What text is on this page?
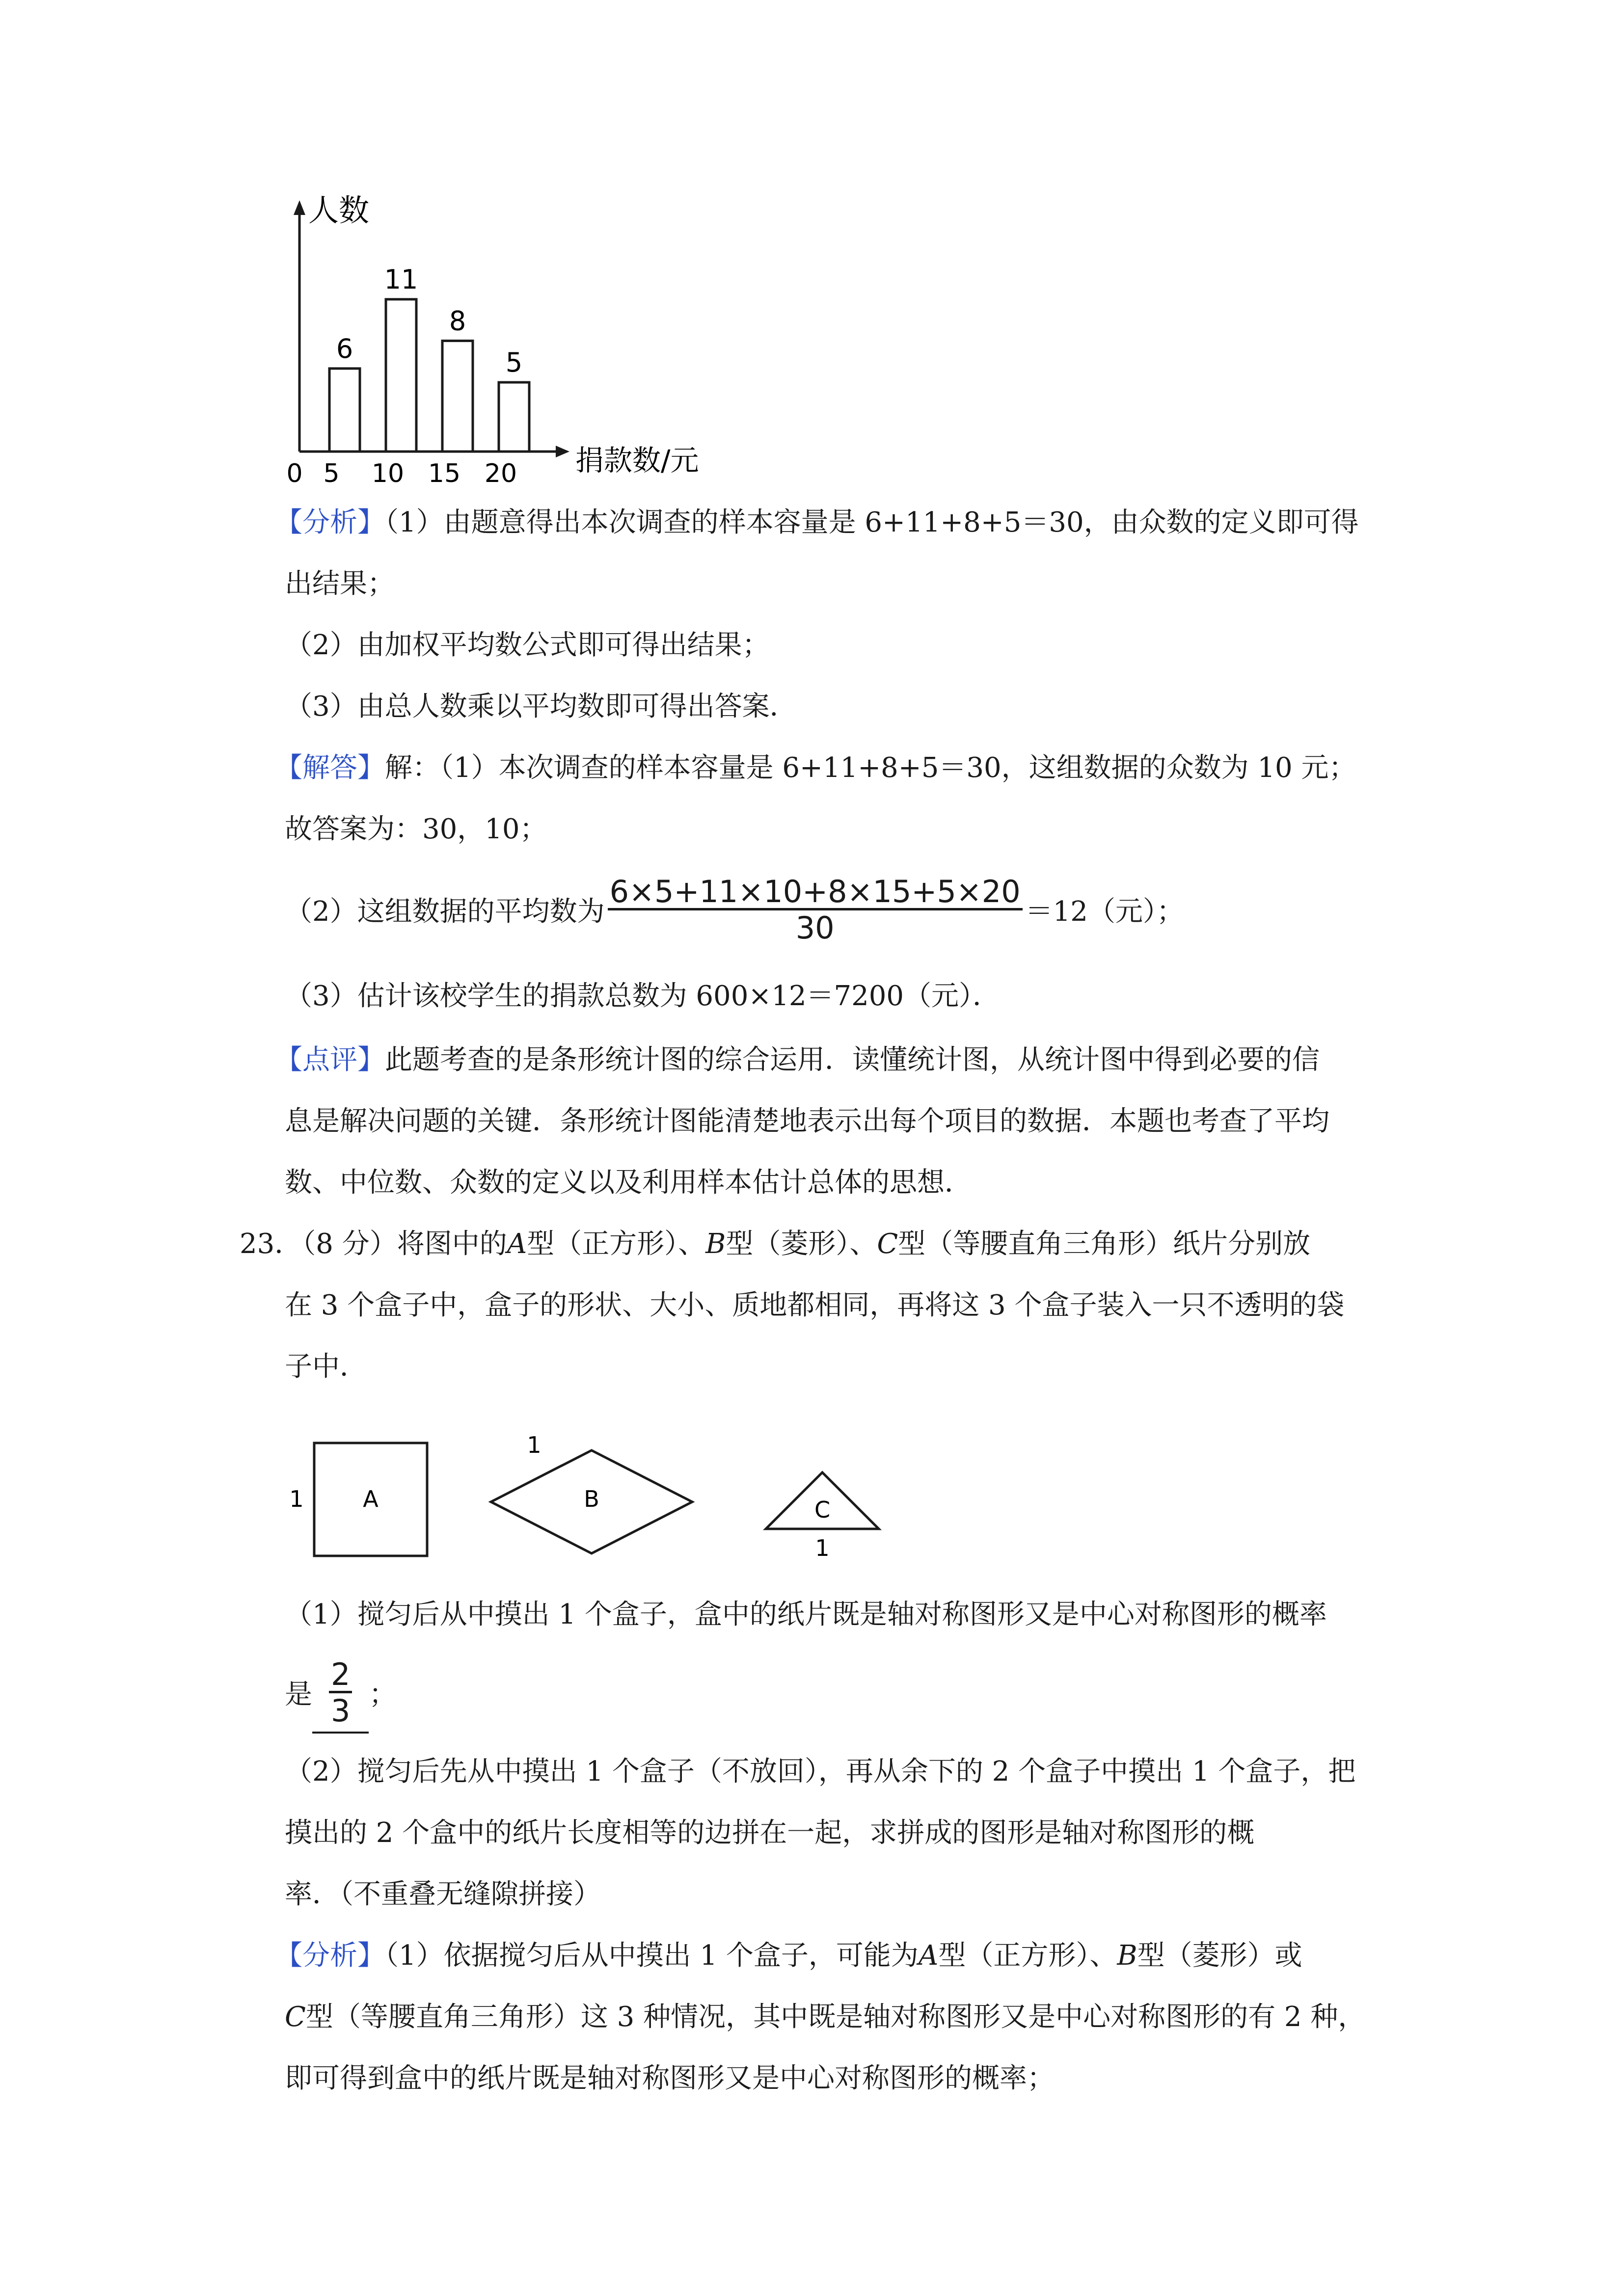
人数
捐款数/元
0
6
5
11
10
8
15
5
20
【分析】（1）由题意得出本次调查的样本容量是 6+11+8+5＝30，由众数的定义即可得
出结果；
（2）由加权平均数公式即可得出结果；
（3）由总人数乘以平均数即可得出答案．
【解答】解：（1）本次调查的样本容量是 6+11+8+5＝30，这组数据的众数为 10 元；
故答案为：30，10；
（2）这组数据的平均数为 $\frac{6\times 5+11\times 10+8\times 15+5\times 20}{30} =12$（元）；
（3）估计该校学生的捐款总数为 600×12＝7200（元）．
【点评】此题考查的是条形统计图的综合运用．读懂统计图，从统计图中得到必要的信
息是解决问题的关键．条形统计图能清楚地表示出每个项目的数据．本题也考查了平均
数、中位数、众数的定义以及利用样本估计总体的思想．
23．（8 分）将图中的A型（正方形）、B型（菱形）、C型（等腰直角三角形）纸片分别放
在 3 个盒子中，盒子的形状、大小、质地都相同，再将这 3 个盒子装入一只不透明的袋
子中．
A
1	B
1
C
1
（1）搅匀后从中摸出 1 个盒子，盒中的纸片既是轴对称图形又是中心对称图形的概率
是 $\frac{2}{3}$ ；
（2）搅匀后先从中摸出 1 个盒子（不放回），再从余下的 2 个盒子中摸出 1 个盒子，把
摸出的 2 个盒中的纸片长度相等的边拼在一起，求拼成的图形是轴对称图形的概
率．（不重叠无缝隙拼接）
【分析】（1）依据搅匀后从中摸出 1 个盒子，可能为A型（正方形）、B型（菱形）或
C型（等腰直角三角形）这 3 种情况，其中既是轴对称图形又是中心对称图形的有 2 种，
即可得到盒中的纸片既是轴对称图形又是中心对称图形的概率；
